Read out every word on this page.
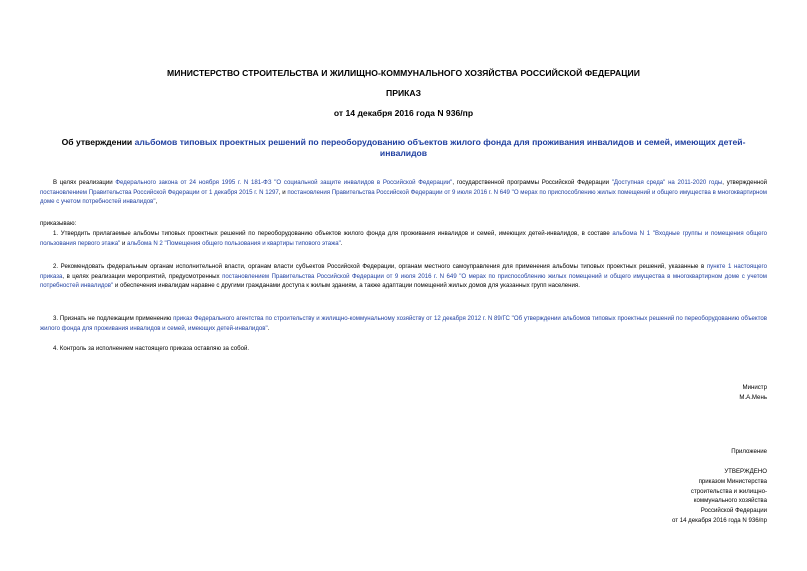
МИНИСТЕРСТВО СТРОИТЕЛЬСТВА И ЖИЛИЩНО-КОММУНАЛЬНОГО ХОЗЯЙСТВА РОССИЙСКОЙ ФЕДЕРАЦИИ
ПРИКАЗ
от 14 декабря 2016 года N 936/пр
Об утверждении альбомов типовых проектных решений по переоборудованию объектов жилого фонда для проживания инвалидов и семей, имеющих детей-инвалидов
В целях реализации Федерального закона от 24 ноября 1995 г. N 181-ФЗ "О социальной защите инвалидов в Российской Федерации", государственной программы Российской Федерации "Доступная среда" на 2011-2020 годы, утвержденной постановлением Правительства Российской Федерации от 1 декабря 2015 г. N 1297, и постановления Правительства Российской Федерации от 9 июля 2016 г. N 649 "О мерах по приспособлению жилых помещений и общего имущества в многоквартирном доме с учетом потребностей инвалидов",
приказываю:
1. Утвердить прилагаемые альбомы типовых проектных решений по переоборудованию объектов жилого фонда для проживания инвалидов и семей, имеющих детей-инвалидов, в составе альбома N 1 "Входные группы и помещения общего пользования первого этажа" и альбома N 2 "Помещения общего пользования и квартиры типового этажа".
2. Рекомендовать федеральным органам исполнительной власти, органам власти субъектов Российской Федерации, органам местного самоуправления для применения альбомы типовых проектных решений, указанные в пункте 1 настоящего приказа, в целях реализации мероприятий, предусмотренных постановлением Правительства Российской Федерации от 9 июля 2016 г. N 649 "О мерах по приспособлению жилых помещений и общего имущества в многоквартирном доме с учетом потребностей инвалидов" и обеспечения инвалидам наравне с другими гражданами доступа к жилым зданиям, а также адаптации помещений жилых домов для указанных групп населения.
3. Признать не подлежащим применению приказ Федерального агентства по строительству и жилищно-коммунальному хозяйству от 12 декабря 2012 г. N 89/ГС "Об утверждении альбомов типовых проектных решений по переоборудованию объектов жилого фонда для проживания инвалидов и семей, имеющих детей-инвалидов".
4. Контроль за исполнением настоящего приказа оставляю за собой.
Министр
М.А.Мень
Приложение
УТВЕРЖДЕНО
приказом Министерства
строительства и жилищно-
коммунального хозяйства
Российской Федерации
от 14 декабря 2016 года N 936/пр
